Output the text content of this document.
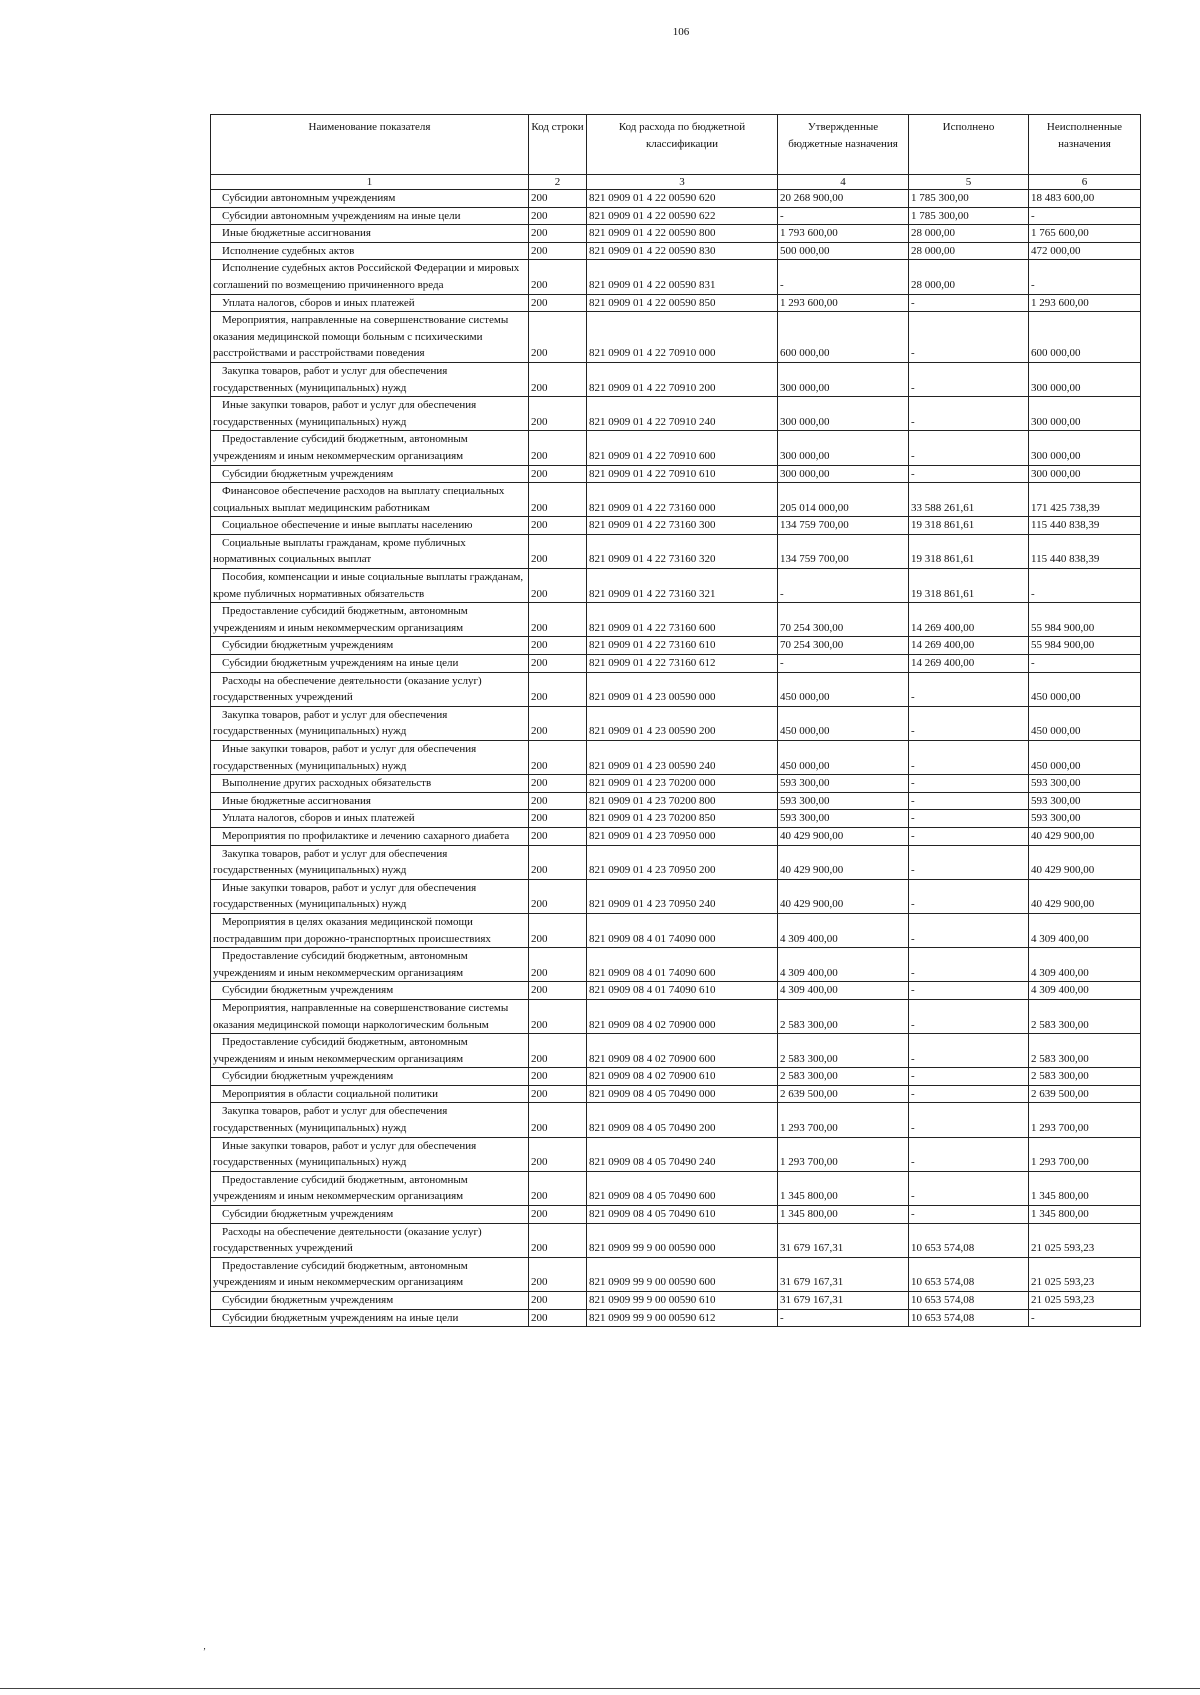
106
Наименование показателя	Код строки	Код расхода по бюджетной классификации	Утвержденные бюджетные назначения	Исполнено	Неисполненные назначения
1	2	3	4	5	6
Субсидии автономным учреждениям	200	821 0909 01 4 22 00590 620	20 268 900,00	1 785 300,00	18 483 600,00
Субсидии автономным учреждениям на иные цели	200	821 0909 01 4 22 00590 622	-	1 785 300,00	-
Иные бюджетные ассигнования	200	821 0909 01 4 22 00590 800	1 793 600,00	28 000,00	1 765 600,00
Исполнение судебных актов	200	821 0909 01 4 22 00590 830	500 000,00	28 000,00	472 000,00
Исполнение судебных актов Российской Федерации и мировых соглашений по возмещению причиненного вреда	200	821 0909 01 4 22 00590 831	-	28 000,00	-
Уплата налогов, сборов и иных платежей	200	821 0909 01 4 22 00590 850	1 293 600,00	-	1 293 600,00
Мероприятия, направленные на совершенствование системы оказания медицинской помощи больным с психическими расстройствами и расстройствами поведения	200	821 0909 01 4 22 70910 000	600 000,00	-	600 000,00
Закупка товаров, работ и услуг для обеспечения государственных (муниципальных) нужд	200	821 0909 01 4 22 70910 200	300 000,00	-	300 000,00
Иные закупки товаров, работ и услуг для обеспечения государственных (муниципальных) нужд	200	821 0909 01 4 22 70910 240	300 000,00	-	300 000,00
Предоставление субсидий бюджетным, автономным учреждениям и иным некоммерческим организациям	200	821 0909 01 4 22 70910 600	300 000,00	-	300 000,00
Субсидии бюджетным учреждениям	200	821 0909 01 4 22 70910 610	300 000,00	-	300 000,00
Финансовое обеспечение расходов на выплату специальных социальных выплат медицинским работникам	200	821 0909 01 4 22 73160 000	205 014 000,00	33 588 261,61	171 425 738,39
Социальное обеспечение и иные выплаты населению	200	821 0909 01 4 22 73160 300	134 759 700,00	19 318 861,61	115 440 838,39
Социальные выплаты гражданам, кроме публичных нормативных социальных выплат	200	821 0909 01 4 22 73160 320	134 759 700,00	19 318 861,61	115 440 838,39
Пособия, компенсации и иные социальные выплаты гражданам, кроме публичных нормативных обязательств	200	821 0909 01 4 22 73160 321	-	19 318 861,61	-
Предоставление субсидий бюджетным, автономным учреждениям и иным некоммерческим организациям	200	821 0909 01 4 22 73160 600	70 254 300,00	14 269 400,00	55 984 900,00
Субсидии бюджетным учреждениям	200	821 0909 01 4 22 73160 610	70 254 300,00	14 269 400,00	55 984 900,00
Субсидии бюджетным учреждениям на иные цели	200	821 0909 01 4 22 73160 612	-	14 269 400,00	-
Расходы на обеспечение деятельности (оказание услуг) государственных учреждений	200	821 0909 01 4 23 00590 000	450 000,00	-	450 000,00
Закупка товаров, работ и услуг для обеспечения государственных (муниципальных) нужд	200	821 0909 01 4 23 00590 200	450 000,00	-	450 000,00
Иные закупки товаров, работ и услуг для обеспечения государственных (муниципальных) нужд	200	821 0909 01 4 23 00590 240	450 000,00	-	450 000,00
Выполнение других расходных обязательств	200	821 0909 01 4 23 70200 000	593 300,00	-	593 300,00
Иные бюджетные ассигнования	200	821 0909 01 4 23 70200 800	593 300,00	-	593 300,00
Уплата налогов, сборов и иных платежей	200	821 0909 01 4 23 70200 850	593 300,00	-	593 300,00
Мероприятия по профилактике и лечению сахарного диабета	200	821 0909 01 4 23 70950 000	40 429 900,00	-	40 429 900,00
Закупка товаров, работ и услуг для обеспечения государственных (муниципальных) нужд	200	821 0909 01 4 23 70950 200	40 429 900,00	-	40 429 900,00
Иные закупки товаров, работ и услуг для обеспечения государственных (муниципальных) нужд	200	821 0909 01 4 23 70950 240	40 429 900,00	-	40 429 900,00
Мероприятия в целях оказания медицинской помощи пострадавшим при дорожно-транспортных происшествиях	200	821 0909 08 4 01 74090 000	4 309 400,00	-	4 309 400,00
Предоставление субсидий бюджетным, автономным учреждениям и иным некоммерческим организациям	200	821 0909 08 4 01 74090 600	4 309 400,00	-	4 309 400,00
Субсидии бюджетным учреждениям	200	821 0909 08 4 01 74090 610	4 309 400,00	-	4 309 400,00
Мероприятия, направленные на совершенствование системы оказания медицинской помощи наркологическим больным	200	821 0909 08 4 02 70900 000	2 583 300,00	-	2 583 300,00
Предоставление субсидий бюджетным, автономным учреждениям и иным некоммерческим организациям	200	821 0909 08 4 02 70900 600	2 583 300,00	-	2 583 300,00
Субсидии бюджетным учреждениям	200	821 0909 08 4 02 70900 610	2 583 300,00	-	2 583 300,00
Мероприятия в области социальной политики	200	821 0909 08 4 05 70490 000	2 639 500,00	-	2 639 500,00
Закупка товаров, работ и услуг для обеспечения государственных (муниципальных) нужд	200	821 0909 08 4 05 70490 200	1 293 700,00	-	1 293 700,00
Иные закупки товаров, работ и услуг для обеспечения государственных (муниципальных) нужд	200	821 0909 08 4 05 70490 240	1 293 700,00	-	1 293 700,00
Предоставление субсидий бюджетным, автономным учреждениям и иным некоммерческим организациям	200	821 0909 08 4 05 70490 600	1 345 800,00	-	1 345 800,00
Субсидии бюджетным учреждениям	200	821 0909 08 4 05 70490 610	1 345 800,00	-	1 345 800,00
Расходы на обеспечение деятельности (оказание услуг) государственных учреждений	200	821 0909 99 9 00 00590 000	31 679 167,31	10 653 574,08	21 025 593,23
Предоставление субсидий бюджетным, автономным учреждениям и иным некоммерческим организациям	200	821 0909 99 9 00 00590 600	31 679 167,31	10 653 574,08	21 025 593,23
Субсидии бюджетным учреждениям	200	821 0909 99 9 00 00590 610	31 679 167,31	10 653 574,08	21 025 593,23
Субсидии бюджетным учреждениям на иные цели	200	821 0909 99 9 00 00590 612	-	10 653 574,08	-
‚
